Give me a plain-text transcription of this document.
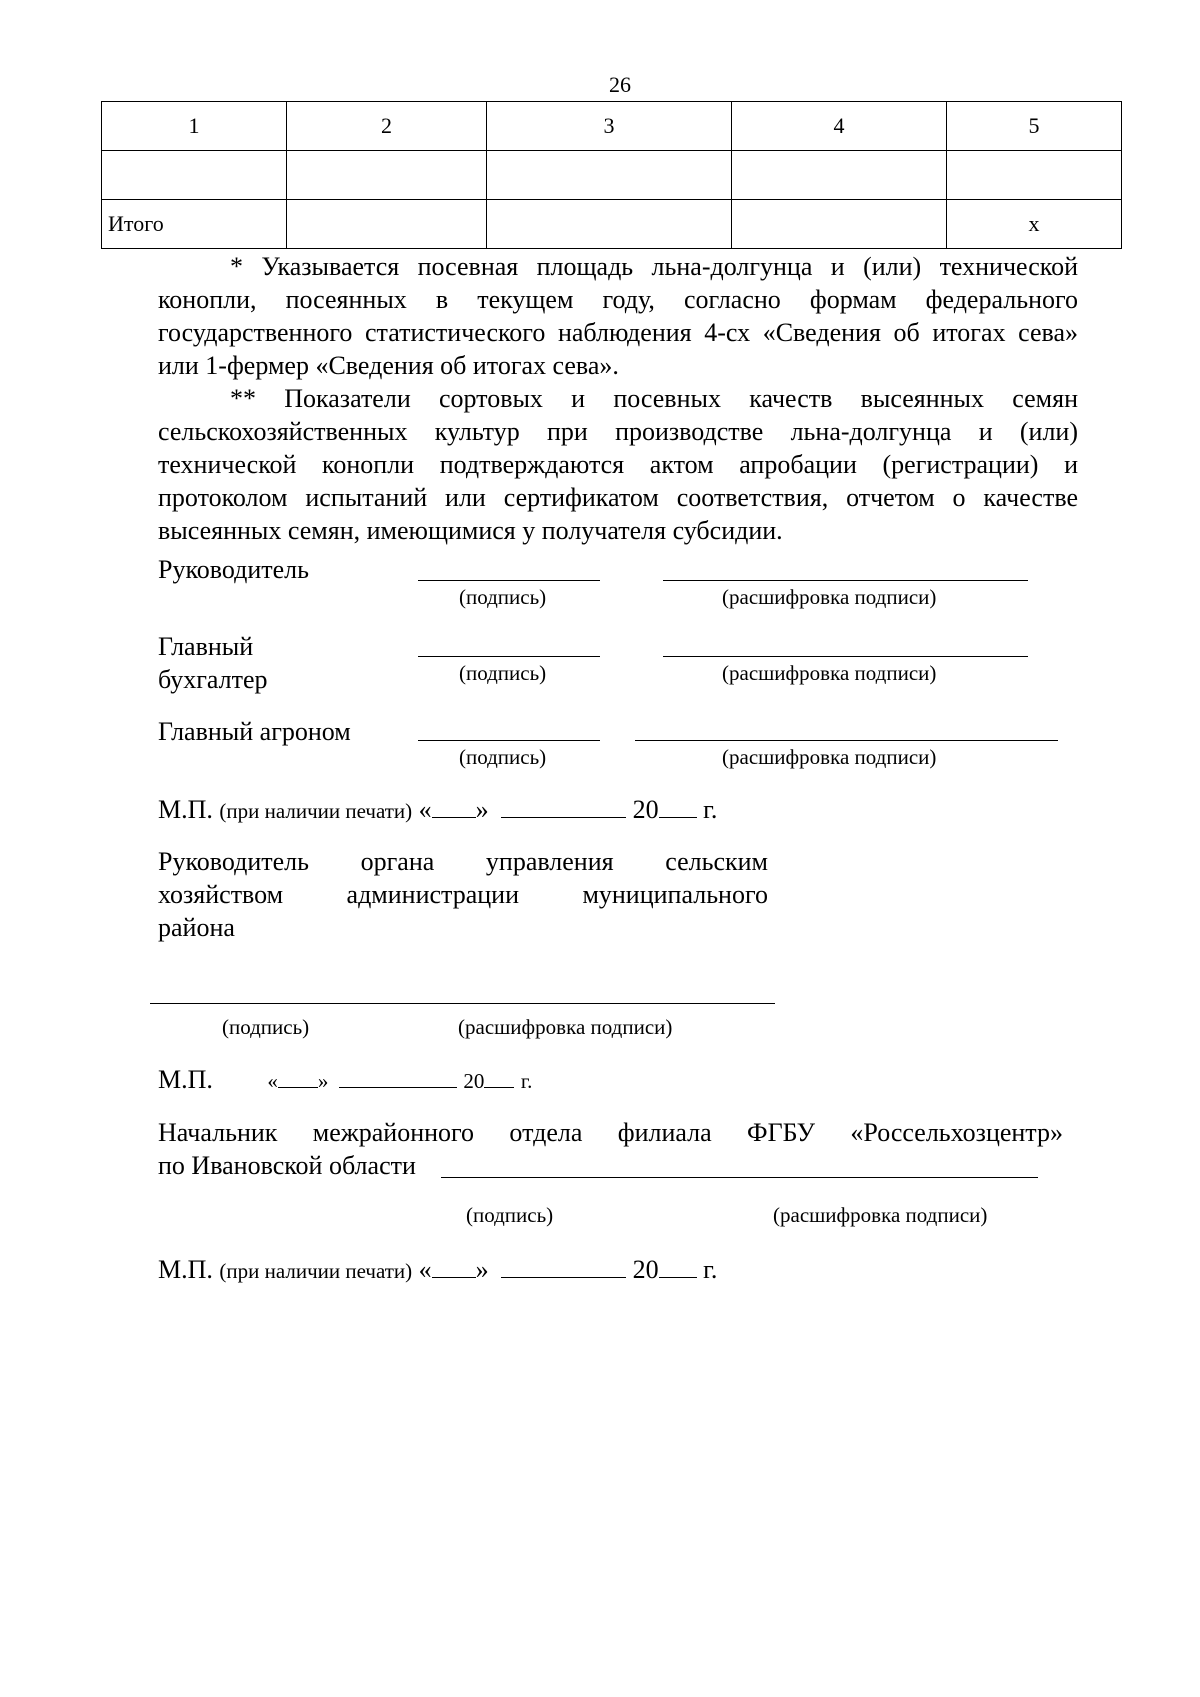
26
1	2	3	4	5

Итого				х

* Указывается посевная площадь льна-долгунца и (или) технической конопли, посеянных в текущем году, согласно формам федерального государственного статистического наблюдения 4-сх «Сведения об итогах сева» или 1-фермер «Сведения об итогах сева».

** Показатели сортовых и посевных качеств высеянных семян сельскохозяйственных культур при производстве льна-долгунца и (или) технической конопли подтверждаются актом апробации (регистрации) и протоколом испытаний или сертификатом соответствия, отчетом о качестве высеянных семян, имеющимися у получателя субсидии.

Руководитель
(подпись)	(расшифровка подписи)
Главный
бухгалтер	(подпись)	(расшифровка подписи)
Главный агроном
(подпись)	(расшифровка подписи)
М.П. (при наличии печати) « »	20 г.
Руководитель органа управления сельским
хозяйством администрации муниципального
района
(подпись)	(расшифровка подписи)
М.П.	« »	20 г.
Начальник межрайонного отдела филиала ФГБУ «Россельхозцентр»
по Ивановской области
(подпись)	(расшифровка подписи)
М.П. (при наличии печати) « »	20 г.
